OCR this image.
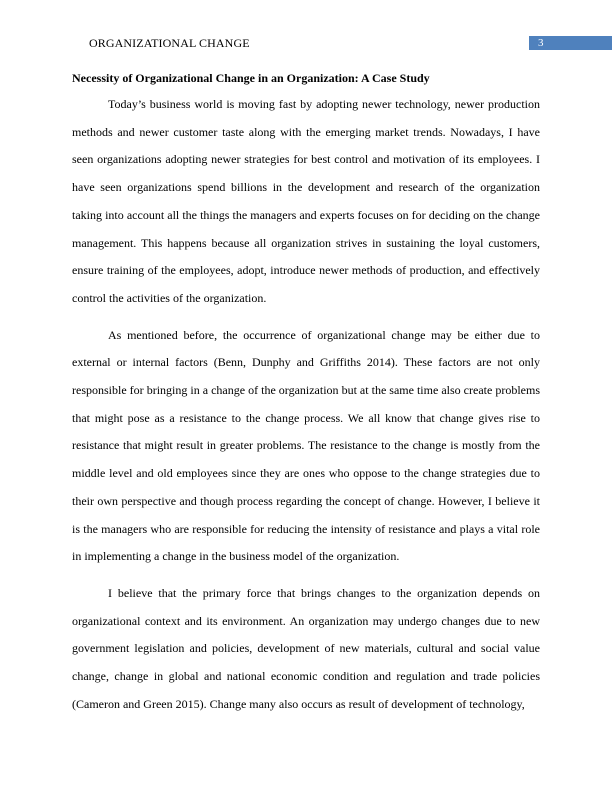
ORGANIZATIONAL CHANGE	3
Necessity of Organizational Change in an Organization: A Case Study

Today’s business world is moving fast by adopting newer technology, newer production methods and newer customer taste along with the emerging market trends. Nowadays, I have seen organizations adopting newer strategies for best control and motivation of its employees. I have seen organizations spend billions in the development and research of the organization taking into account all the things the managers and experts focuses on for deciding on the change management. This happens because all organization strives in sustaining the loyal customers, ensure training of the employees, adopt, introduce newer methods of production, and effectively control the activities of the organization.

As mentioned before, the occurrence of organizational change may be either due to external or internal factors (Benn, Dunphy and Griffiths 2014). These factors are not only responsible for bringing in a change of the organization but at the same time also create problems that might pose as a resistance to the change process. We all know that change gives rise to resistance that might result in greater problems. The resistance to the change is mostly from the middle level and old employees since they are ones who oppose to the change strategies due to their own perspective and though process regarding the concept of change. However, I believe it is the managers who are responsible for reducing the intensity of resistance and plays a vital role in implementing a change in the business model of the organization.

I believe that the primary force that brings changes to the organization depends on organizational context and its environment. An organization may undergo changes due to new government legislation and policies, development of new materials, cultural and social value change, change in global and national economic condition and regulation and trade policies (Cameron and Green 2015). Change many also occurs as result of development of technology,
